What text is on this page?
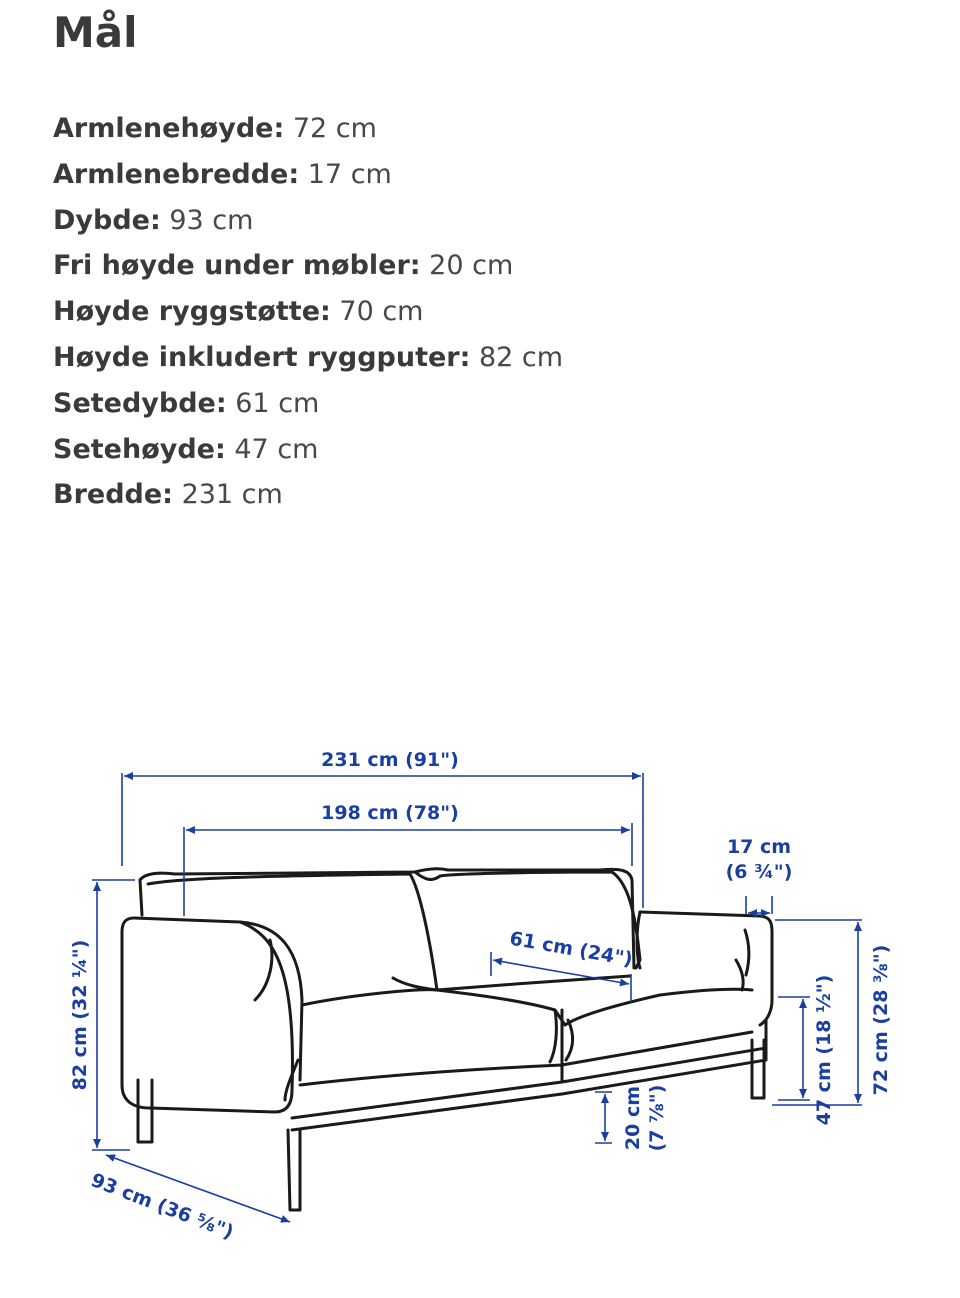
Mål
Armlenehøyde: 72 cm
Armlenebredde: 17 cm
Dybde: 93 cm
Fri høyde under møbler: 20 cm
Høyde ryggstøtte: 70 cm
Høyde inkludert ryggputer: 82 cm
Setedybde: 61 cm
Setehøyde: 47 cm
Bredde: 231 cm
231 cm (91")
198 cm (78")
17 cm
(6 ¾")
61 cm (24")
82 cm (32 ¼")	72 cm (28 ⅜")
47 cm (18 ½")
20 cm (7 ⅞")
93 cm (36 ⅝")
